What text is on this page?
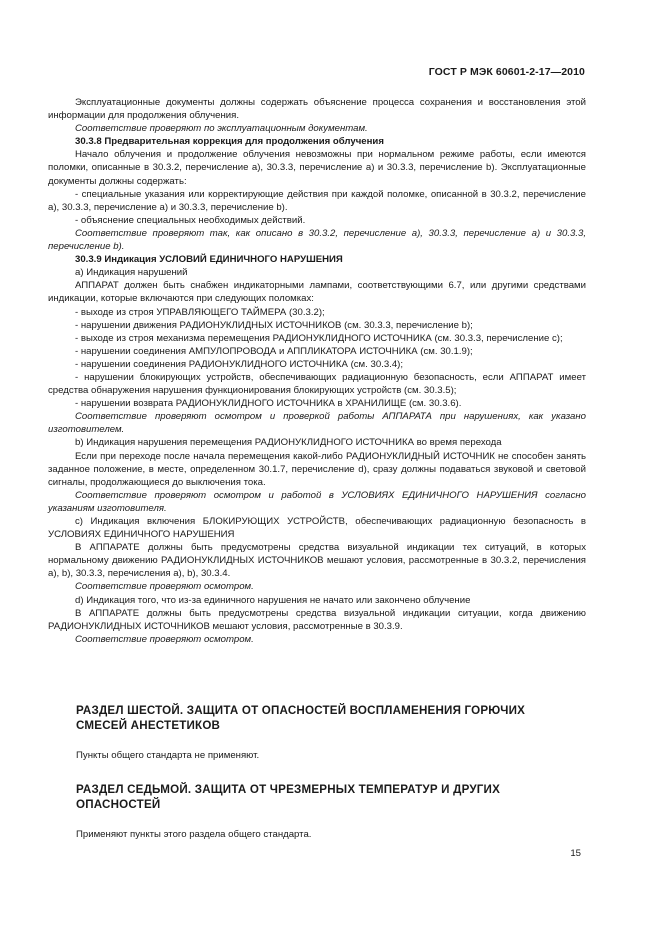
ГОСТ Р МЭК 60601-2-17—2010

Эксплуатационные документы должны содержать объяснение процесса сохранения и восстановления этой информации для продолжения облучения.

Соответствие проверяют по эксплуатационным документам.

30.3.8 Предварительная коррекция для продолжения облучения

Начало облучения и продолжение облучения невозможны при нормальном режиме работы, если имеются поломки, описанные в 30.3.2, перечисление а), 30.3.3, перечисление а) и 30.3.3, перечисление b). Эксплуатационные документы должны содержать:

- специальные указания или корректирующие действия при каждой поломке, описанной в 30.3.2, перечисление а), 30.3.3, перечисление а) и 30.3.3, перечисление b).

- объяснение специальных необходимых действий.

Соответствие проверяют так, как описано в 30.3.2, перечисление а), 30.3.3, перечисление а) и 30.3.3, перечисление b).

30.3.9 Индикация УСЛОВИЙ ЕДИНИЧНОГО НАРУШЕНИЯ

а) Индикация нарушений

АППАРАТ должен быть снабжен индикаторными лампами, соответствующими 6.7, или другими средствами индикации, которые включаются при следующих поломках:

- выходе из строя УПРАВЛЯЮЩЕГО ТАЙМЕРА (30.3.2);

- нарушении движения РАДИОНУКЛИДНЫХ ИСТОЧНИКОВ (см. 30.3.3, перечисление b);

- выходе из строя механизма перемещения РАДИОНУКЛИДНОГО ИСТОЧНИКА (см. 30.3.3, перечисление с);

- нарушении соединения АМПУЛОПРОВОДА и АППЛИКАТОРА ИСТОЧНИКА (см. 30.1.9);

- нарушении соединения РАДИОНУКЛИДНОГО ИСТОЧНИКА (см. 30.3.4);

- нарушении блокирующих устройств, обеспечивающих радиационную безопасность, если АППАРАТ имеет средства обнаружения нарушения функционирования блокирующих устройств (см. 30.3.5);

- нарушении возврата РАДИОНУКЛИДНОГО ИСТОЧНИКА в ХРАНИЛИЩЕ (см. 30.3.6).

Соответствие проверяют осмотром и проверкой работы АППАРАТА при нарушениях, как указано изготовителем.

b) Индикация нарушения перемещения РАДИОНУКЛИДНОГО ИСТОЧНИКА во время перехода

Если при переходе после начала перемещения какой-либо РАДИОНУКЛИДНЫЙ ИСТОЧНИК не способен занять заданное положение, в месте, определенном 30.1.7, перечисление d), сразу должны подаваться звуковой и световой сигналы, продолжающиеся до выключения тока.

Соответствие проверяют осмотром и работой в УСЛОВИЯХ ЕДИНИЧНОГО НАРУШЕНИЯ согласно указаниям изготовителя.

с) Индикация включения БЛОКИРУЮЩИХ УСТРОЙСТВ, обеспечивающих радиационную безопасность в УСЛОВИЯХ ЕДИНИЧНОГО НАРУШЕНИЯ

В АППАРАТЕ должны быть предусмотрены средства визуальной индикации тех ситуаций, в которых нормальному движению РАДИОНУКЛИДНЫХ ИСТОЧНИКОВ мешают условия, рассмотренные в 30.3.2, перечисления а), b), 30.3.3, перечисления а), b), 30.3.4.

Соответствие проверяют осмотром.

d) Индикация того, что из-за единичного нарушения не начато или закончено облучение

В АППАРАТЕ должны быть предусмотрены средства визуальной индикации ситуации, когда движению РАДИОНУКЛИДНЫХ ИСТОЧНИКОВ мешают условия, рассмотренные в 30.3.9.

Соответствие проверяют осмотром.

РАЗДЕЛ ШЕСТОЙ. ЗАЩИТА ОТ ОПАСНОСТЕЙ ВОСПЛАМЕНЕНИЯ ГОРЮЧИХ СМЕСЕЙ АНЕСТЕТИКОВ
Пункты общего стандарта не применяют.
РАЗДЕЛ СЕДЬМОЙ. ЗАЩИТА ОТ ЧРЕЗМЕРНЫХ ТЕМПЕРАТУР И ДРУГИХ ОПАСНОСТЕЙ
Применяют пункты этого раздела общего стандарта.
15
